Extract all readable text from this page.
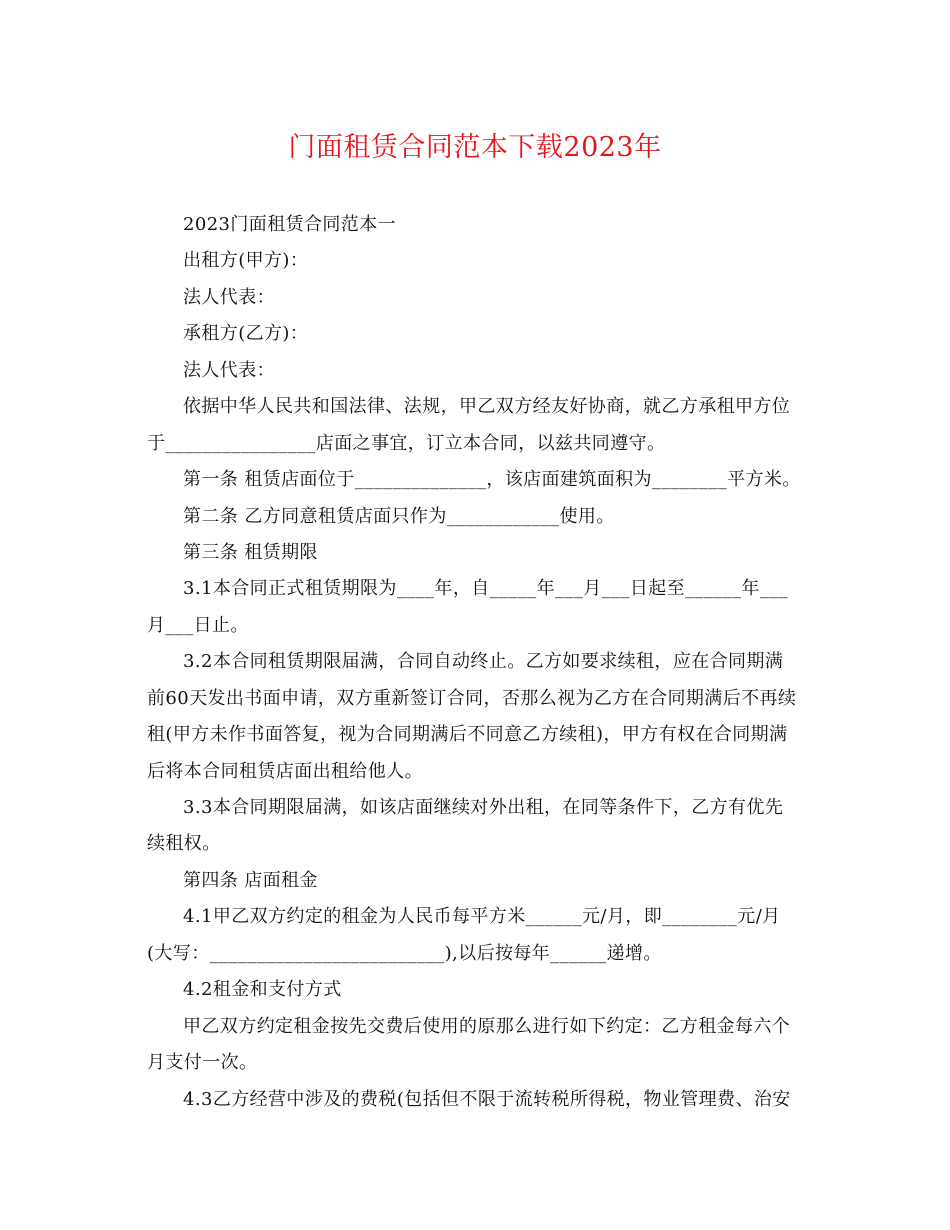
门面租赁合同范本下载2023年
2023门面租赁合同范本一
出租方(甲方)：
法人代表：
承租方(乙方)：
法人代表：
依据中华人民共和国法律、法规，甲乙双方经友好协商，就乙方承租甲方位
于________________店面之事宜，订立本合同，以兹共同遵守。
第一条 租赁店面位于______________，该店面建筑面积为________平方米。
第二条 乙方同意租赁店面只作为____________使用。
第三条 租赁期限
3.1本合同正式租赁期限为____年，自_____年___月___日起至______年___
月___日止。
3.2本合同租赁期限届满，合同自动终止。乙方如要求续租，应在合同期满
前60天发出书面申请，双方重新签订合同，否那么视为乙方在合同期满后不再续
租(甲方未作书面答复，视为合同期满后不同意乙方续租)，甲方有权在合同期满
后将本合同租赁店面出租给他人。
3.3本合同期限届满，如该店面继续对外出租，在同等条件下，乙方有优先
续租权。
第四条 店面租金
4.1甲乙双方约定的租金为人民币每平方米______元/月，即________元/月
(大写：_________________________),以后按每年______递增。
4.2租金和支付方式
甲乙双方约定租金按先交费后使用的原那么进行如下约定：乙方租金每六个
月支付一次。
4.3乙方经营中涉及的费税(包括但不限于流转税所得税，物业管理费、治安
